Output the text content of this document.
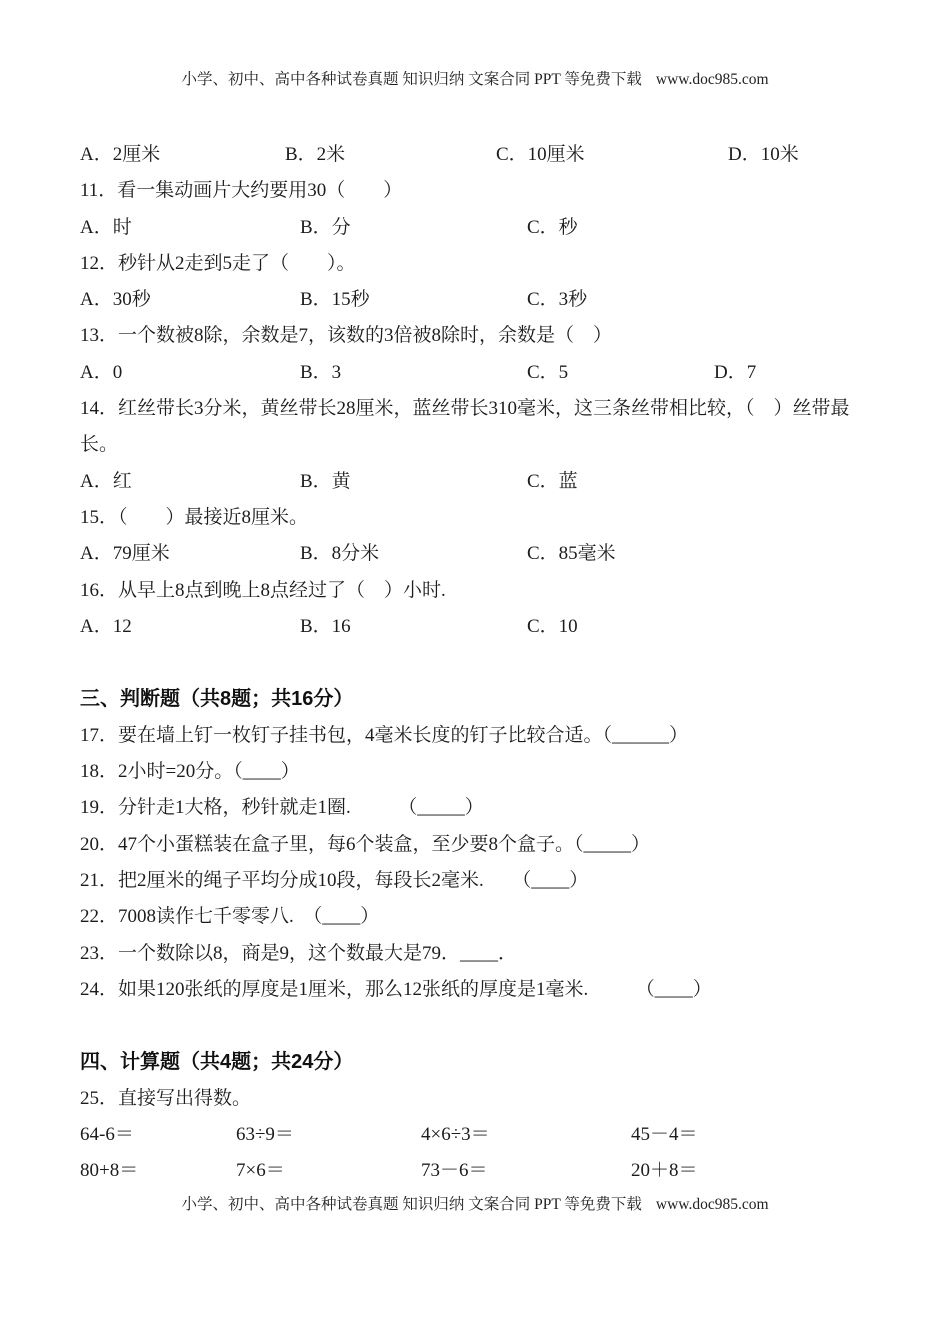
小学、初中、高中各种试卷真题 知识归纳 文案合同 PPT 等免费下载 www.doc985.com
A．2厘米	B．2米	C．10厘米	D．10米
11．看一集动画片大约要用30（　　）
A．时	B．分	C．秒
12．秒针从2走到5走了（　　）。
A．30秒	B．15秒	C．3秒
13．一个数被8除，余数是7，该数的3倍被8除时，余数是（　）
A．0	B．3	C．5	D．7
14．红丝带长3分米，黄丝带长28厘米，蓝丝带长310毫米，这三条丝带相比较，（　）丝带最
长。
A．红	B．黄	C．蓝
15．（　　）最接近8厘米。
A．79厘米	B．8分米	C．85毫米
16．从早上8点到晚上8点经过了（　）小时.
A．12	B．16	C．10
三、判断题（共8题；共16分）
17．要在墙上钉一枚钉子挂书包，4毫米长度的钉子比较合适。（______）
18．2小时=20分。（____）
19．分针走1大格，秒针就走1圈.　　　（_____）
20．47个小蛋糕装在盒子里，每6个装盒，至少要8个盒子。（_____）
21．把2厘米的绳子平均分成10段，每段长2毫米.　　（____）
22．7008读作七千零零八.　（____）
23．一个数除以8，商是9，这个数最大是79．____．
24．如果120张纸的厚度是1厘米，那么12张纸的厚度是1毫米.　　　（____）
四、计算题（共4题；共24分）
25．直接写出得数。
64-6＝	63÷9＝	4×6÷3＝	45－4＝
80+8＝	7×6＝	73－6＝	20＋8＝
小学、初中、高中各种试卷真题 知识归纳 文案合同 PPT 等免费下载 www.doc985.com
